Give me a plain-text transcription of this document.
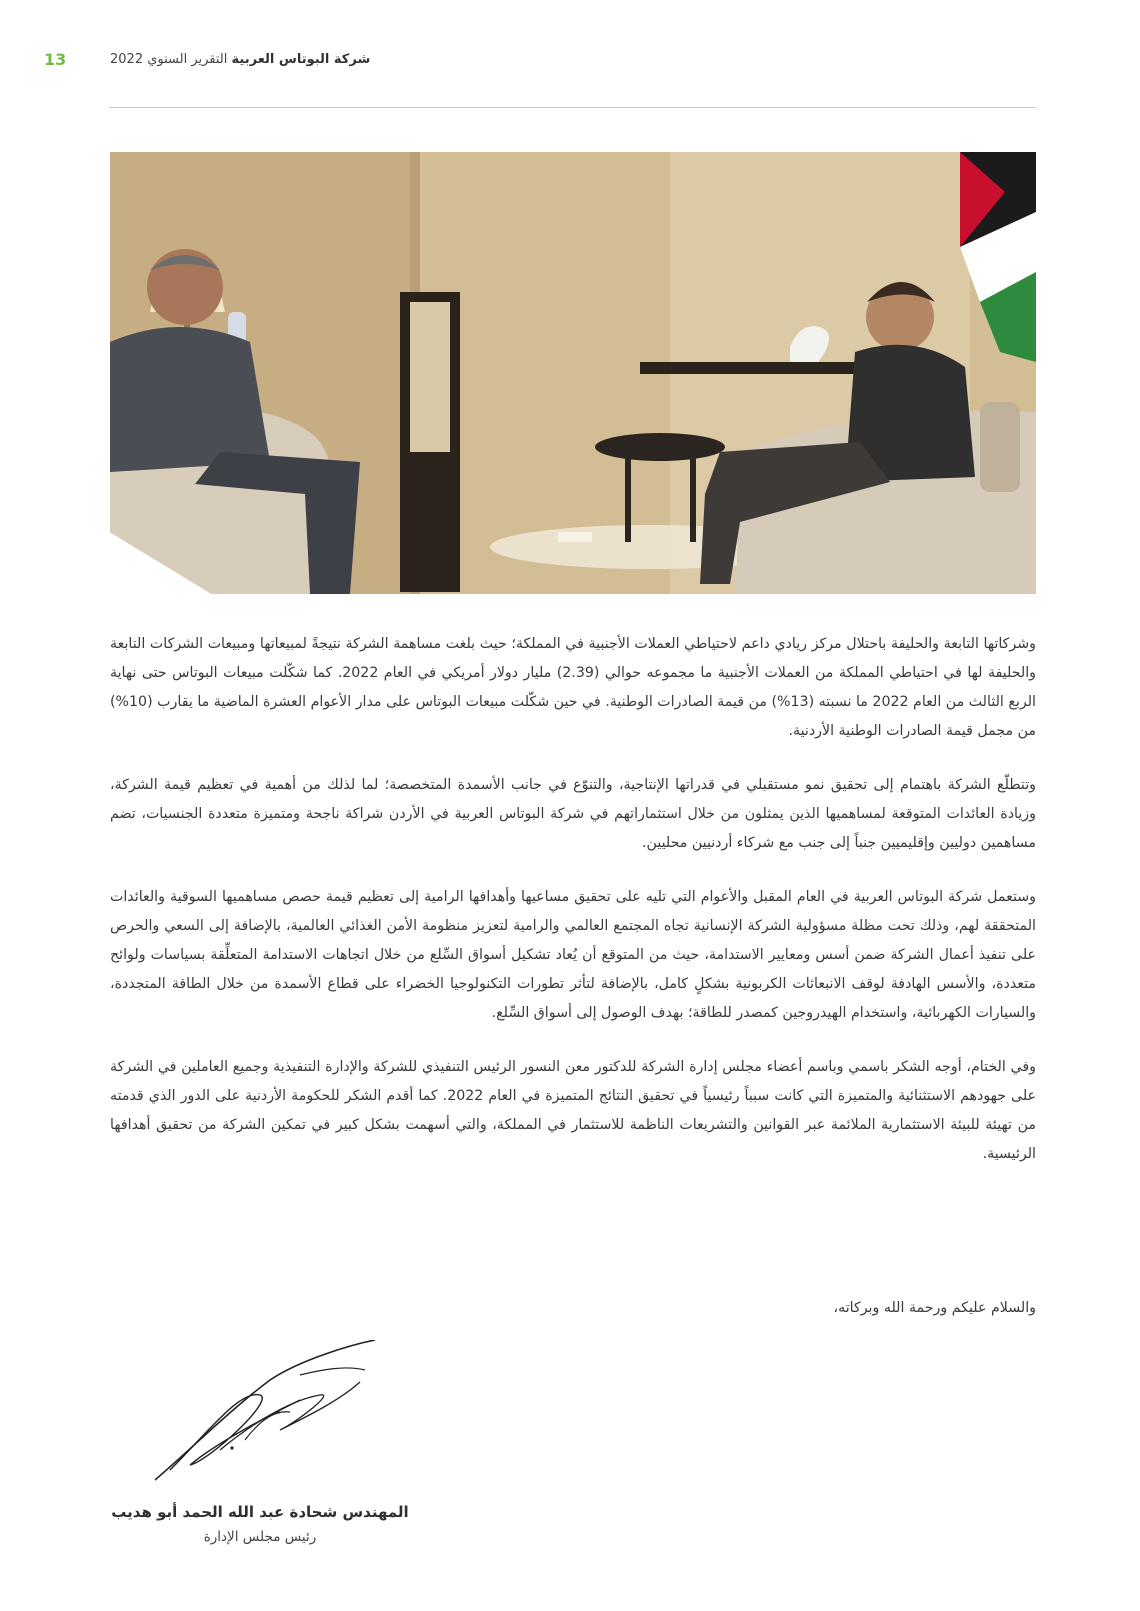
13	شركة البوتاس العربية التقرير السنوي 2022

وشركاتها التابعة والحليفة باحتلال مركز ريادي داعم لاحتياطي العملات الأجنبية في المملكة؛ حيث بلغت مساهمة الشركة نتيجةً لمبيعاتها ومبيعات الشركات التابعة والحليفة لها في احتياطي المملكة من العملات الأجنبية ما مجموعه حوالي (2.39) مليار دولار أمريكي في العام 2022. كما شكّلت مبيعات البوتاس حتى نهاية الربع الثالث من العام 2022 ما نسبته (13%) من قيمة الصادرات الوطنية. في حين شكّلت مبيعات البوتاس على مدار الأعوام العشرة الماضية ما يقارب (10%) من مجمل قيمة الصادرات الوطنية الأردنية.

وتتطلّع الشركة باهتمام إلى تحقيق نمو مستقبلي في قدراتها الإنتاجية، والتنوّع في جانب الأسمدة المتخصصة؛ لما لذلك من أهمية في تعظيم قيمة الشركة، وزيادة العائدات المتوقعة لمساهميها الذين يمثلون من خلال استثماراتهم في شركة البوتاس العربية في الأردن شراكة ناجحة ومتميزة متعددة الجنسيات، تضم مساهمين دوليين وإقليميين جنباً إلى جنب مع شركاء أردنيين محليين.

وستعمل شركة البوتاس العربية في العام المقبل والأعوام التي تليه على تحقيق مساعيها وأهدافها الرامية إلى تعظيم قيمة حصص مساهميها السوقية والعائدات المتحققة لهم، وذلك تحت مظلة مسؤولية الشركة الإنسانية تجاه المجتمع العالمي والرامية لتعزيز منظومة الأمن الغذائي العالمية، بالإضافة إلى السعي والحرص على تنفيذ أعمال الشركة ضمن أسس ومعايير الاستدامة، حيث من المتوقع أن يُعاد تشكيل أسواق السِّلع من خلال اتجاهات الاستدامة المتعلِّقة بسياسات ولوائح متعددة، والأسس الهادفة لوقف الانبعاثات الكربونية بشكلٍ كامل، بالإضافة لتأثر تطورات التكنولوجيا الخضراء على قطاع الأسمدة من خلال الطاقة المتجددة، والسيارات الكهربائية، واستخدام الهيدروجين كمصدر للطاقة؛ بهدف الوصول إلى أسواق السِّلع.

وفي الختام، أوجه الشكر باسمي وباسم أعضاء مجلس إدارة الشركة للدكتور معن النسور الرئيس التنفيذي للشركة والإدارة التنفيذية وجميع العاملين في الشركة على جهودهم الاستثنائية والمتميزة التي كانت سبباً رئيسياً في تحقيق النتائج المتميزة في العام 2022. كما أقدم الشكر للحكومة الأردنية على الدور الذي قدمته من تهيئة للبيئة الاستثمارية الملائمة عبر القوانين والتشريعات الناظمة للاستثمار في المملكة، والتي أسهمت بشكل كبير في تمكين الشركة من تحقيق أهدافها الرئيسية.

والسلام عليكم ورحمة الله وبركاته،
المهندس شحادة عبد الله الحمد أبو هديب
رئيس مجلس الإدارة
